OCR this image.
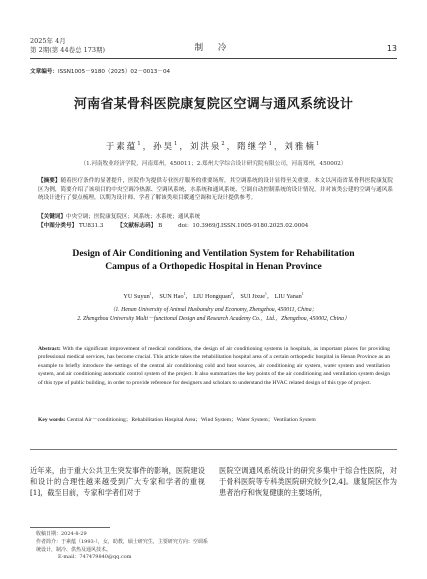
2025年 4月
第 2期(第 44卷总 173期)	制 冷	13
文章编号：ISSN1005－9180（2025）02－0013－04
河南省某骨科医院康复院区空调与通风系统设计
于素蕴$^1$，孙昊$^1$，刘洪泉$^2$，隋继学$^1$，刘雅楠$^1$
（1.河南牧业经济学院，河南郑州，450011；2.郑州大学综合设计研究院有限公司，河南郑州，450002）
【摘要】随着医疗条件的显著提升，医院作为提供专业医疗服务的重要场所，其空调系统的设计显得至关重要。本文以河南省某骨科医院康复院区为例，简要介绍了该项目的中央空调冷热源、空调风系统、水系统和通风系统、空调自动控制系统的设计情况，并对该类公建的空调与通风系统设计进行了要点梳理，以期为设计师、学者了解该类项目暖通空调和无设计提供参考。
【关键词】中央空调；医院康复院区；风系统；水系统；通风系统
【中图分类号】 TU831.3 【文献标志码】 B	doi：10.3969/J.ISSN.1005-9180.2025.02.0004
Design of Air Conditioning and Ventilation System for Rehabilitation
Campus of a Orthopedic Hospital in Henan Province
YU Suyun$^1$， SUN Hao$^1$， LIU Hongquan$^2$， SUI Jixue$^1$， LIU Yanan$^1$
（1. Henan University of Animal Husbandry and Economy, Zhengzhou, 450011, China；
2. Zhengzhou University Multi－functional Design and Research Academy Co.，Ltd.，Zhengzhou, 450002, China）
Abstract: With the significant improvement of medical conditions, the design of air conditioning systems in hospitals, as important places for providing professional medical services, has become crucial. This article takes the rehabilitation hospital area of a certain orthopedic hospital in Henan Province as an example to briefly introduce the settings of the central air conditioning cold and heat sources, air conditioning air system, water system and ventilation system, and air conditioning automatic control system of the project. It also summarizes the key points of the air conditioning and ventilation system design of this type of public building, in order to provide reference for designers and scholars to understand the HVAC related design of this type of project.
Key words: Central Air－conditioning；Rehabilitation Hospital Area；Wind System；Water System；Ventilation System
近年来，由于重大公共卫生突发事件的影响，医院建设和设计的合理性越来越受到广大专家和学者的重视[1]，截至目前，专家和学者们对于
医院空调通风系统设计的研究多集中于综合性医院，对于骨科医院等专科类医院研究较少[2,4]。康复院区作为患者治疗和恢复健康的主要场所，
收稿日期：2024-8-29
作者简介：于素蕴（1993-），女，助教，硕士研究生，主要研究方向：空调系统设计，制冷、供热及通风技术。
E-mail：747479840@qq.com
